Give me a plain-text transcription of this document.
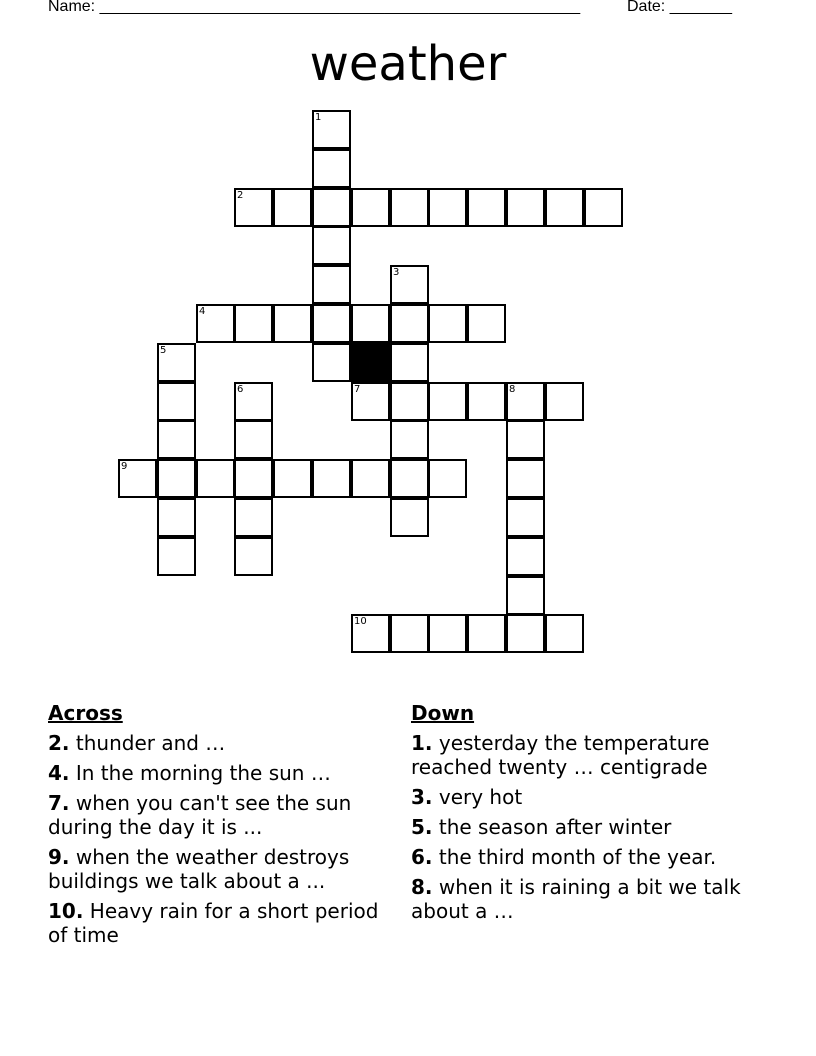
Name: ______________________________________________________	Date: _______
weather
1
2
3
4
5
6	7	8
9
10
Across
2. thunder and …
4. In the morning the sun …
7. when you can't see the sun during the day it is ...
9. when the weather destroys buildings we talk about a ...
10. Heavy rain for a short period of time
Down
1. yesterday the temperature reached twenty … centigrade
3. very hot
5. the season after winter
6. the third month of the year.
8. when it is raining a bit we talk about a …
